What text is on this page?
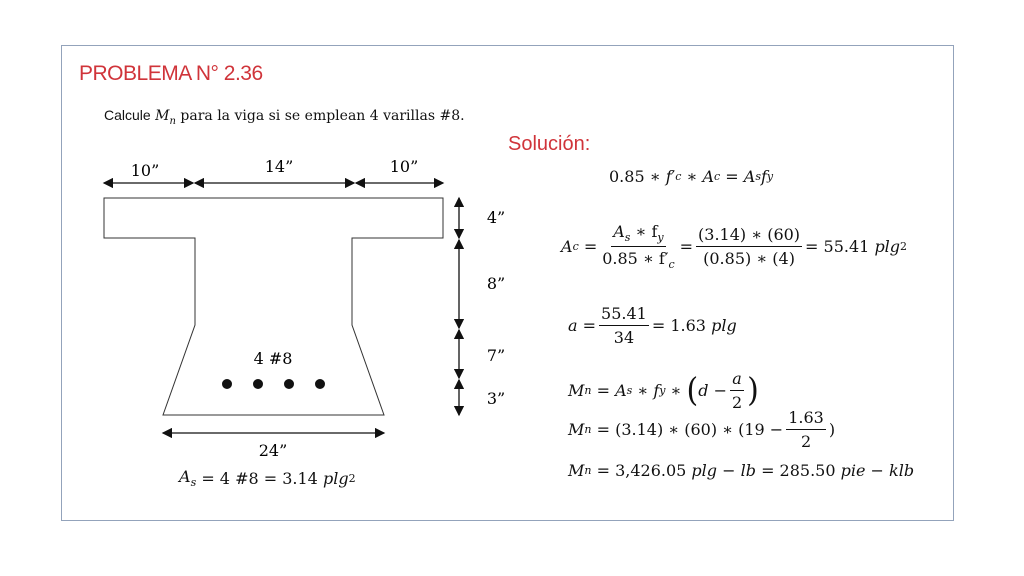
PROBLEMA N° 2.36
Calcule $M_n$ para la viga si se emplean 4 varillas #8.
Solución:
10”	14”	10”
4”
8”
7”
3”
24”
4 #8
$A_s$
= 4 #8 = 3.14
plg 2
0.85 ∗
f ′ c ∗ A c = A s f y
A $c = \frac{A_s ∗ f_y}{0.85 ∗ f'_c} = \frac{(3.14) ∗ (60)}{(0.85) ∗ (4)} = 55.41$
plg 2
$a = \frac{55.41}{34} = 1.63$
plg
M n = A s ∗ f y ∗ ( $d - \frac{a}{2}$ )
M n
= (3.14) ∗ (60) ∗ ($19 - \frac{1.63}{2}$ )
M n
= 3,426.05
plg − lb
= 285.50
pie − klb
